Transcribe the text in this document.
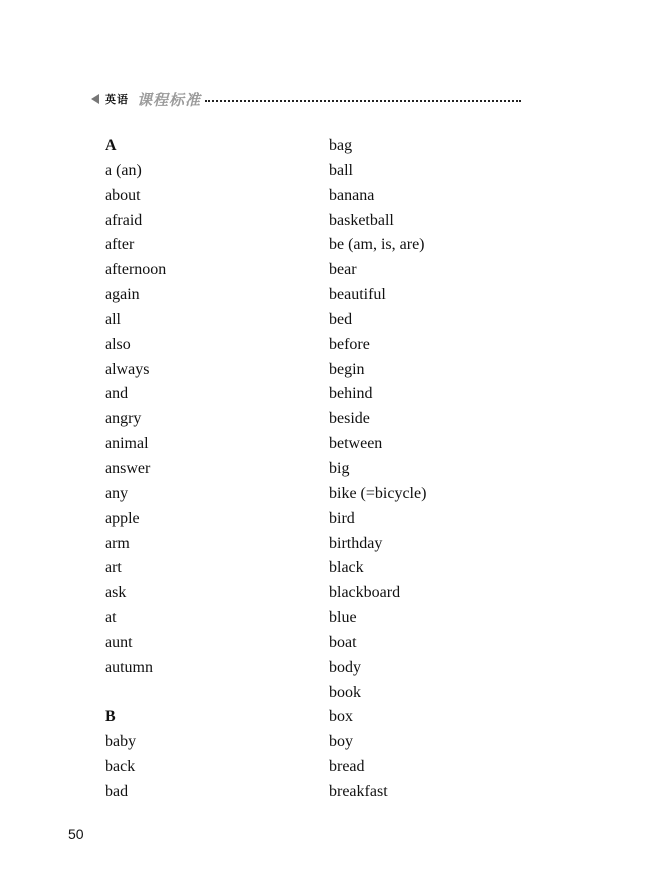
英语 课程标准
A
a (an)
about
afraid
after
afternoon
again
all
also
always
and
angry
animal
answer
any
apple
arm
art
ask
at
aunt
autumn
B
baby
back
bad
bag
ball
banana
basketball
be (am, is, are)
bear
beautiful
bed
before
begin
behind
beside
between
big
bike (=bicycle)
bird
birthday
black
blackboard
blue
boat
body
book
box
boy
bread
breakfast
50
